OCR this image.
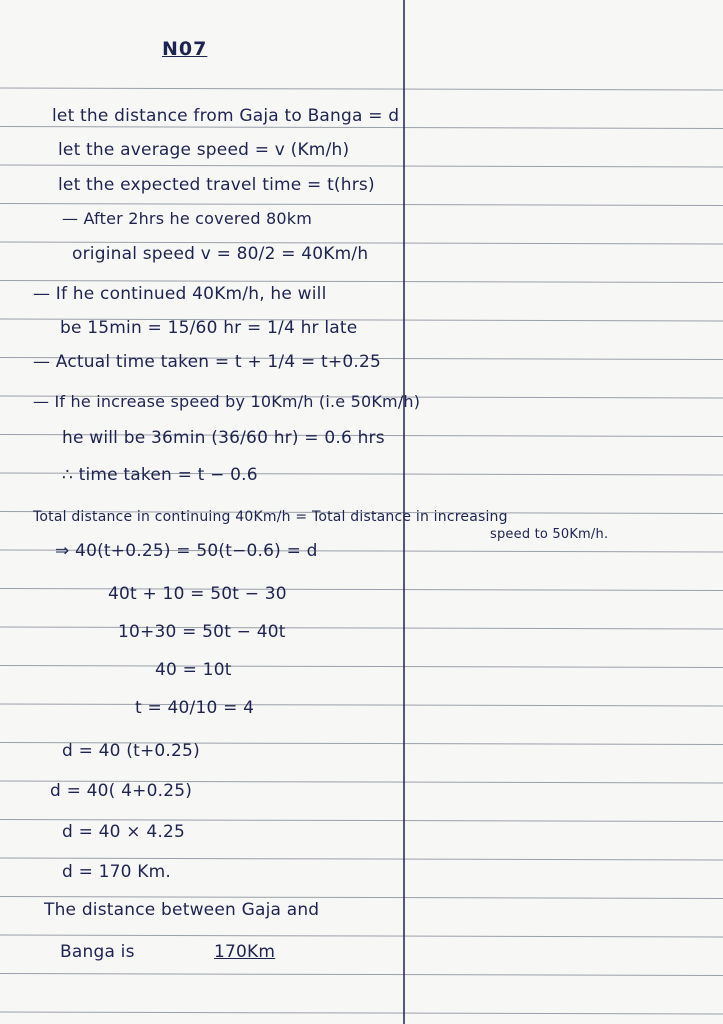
N07
let the distance from Gaja to Banga = d
let the average speed = v (Km/h)
let the expected travel time = t(hrs)
— After 2hrs he covered 80km
original speed v = 80/2 = 40Km/h
— If he continued 40Km/h, he will
be 15min = 15/60 hr = 1/4 hr late
— Actual time taken = t + 1/4 = t+0.25
— If he increase speed by 10Km/h (i.e 50Km/h)
he will be 36min (36/60 hr) = 0.6 hrs
∴ time taken = t − 0.6
Total distance in continuing 40Km/h = Total distance in increasing
speed to 50Km/h.
⇒ 40(t+0.25) = 50(t−0.6) = d
40t + 10 = 50t − 30
10+30 = 50t − 40t
40 = 10t
t = 40/10 = 4
d = 40 (t+0.25)
d = 40( 4+0.25)
d = 40 × 4.25
d = 170 Km.
The distance between Gaja and
Banga is	170Km
